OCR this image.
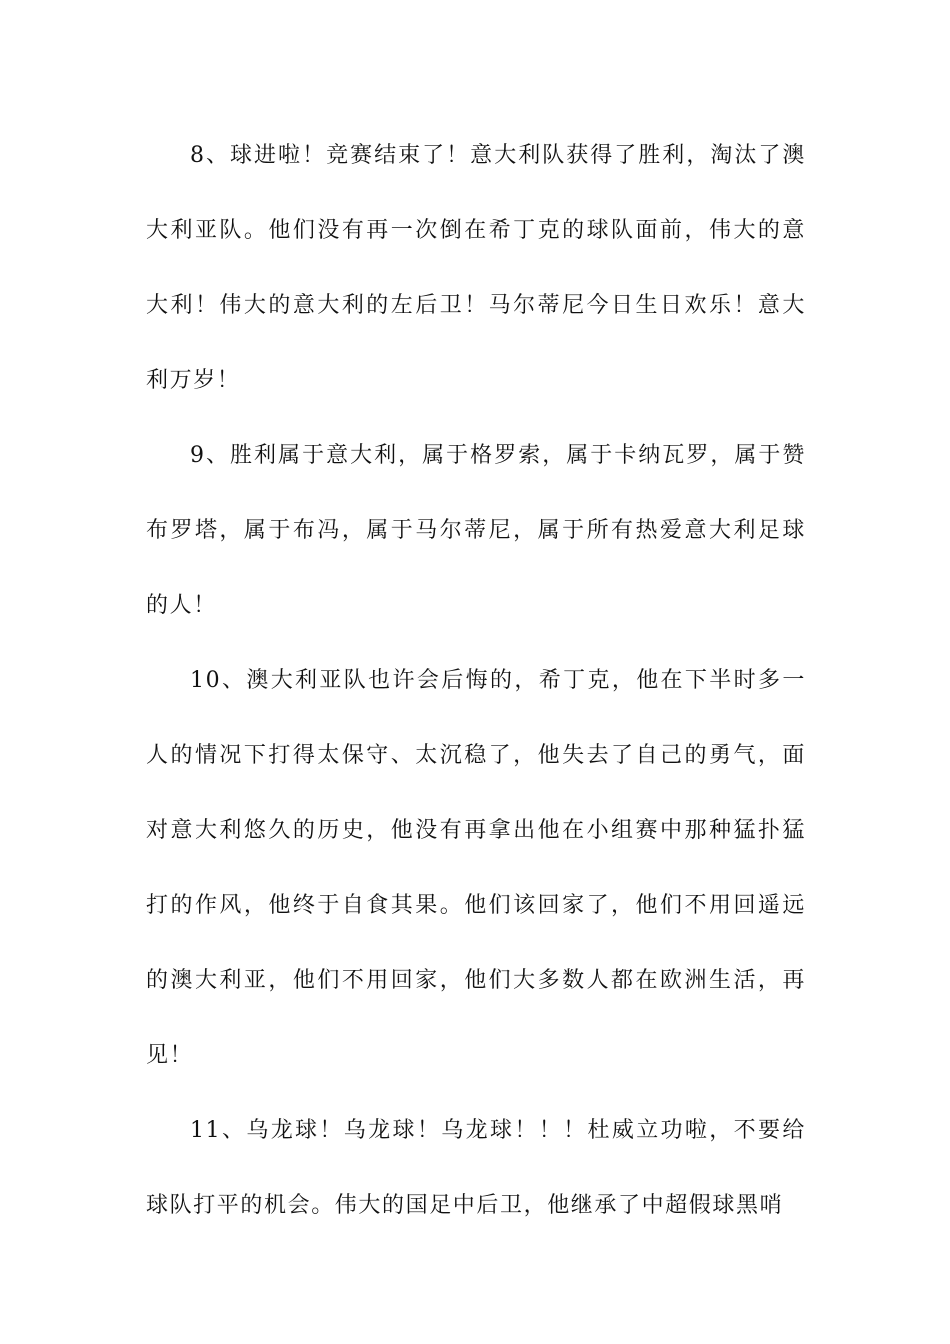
8、球进啦！竞赛结束了！意大利队获得了胜利，淘汰了澳大利亚队。他们没有再一次倒在希丁克的球队面前，伟大的意大利！伟大的意大利的左后卫！马尔蒂尼今日生日欢乐！意大利万岁！

9、胜利属于意大利，属于格罗索，属于卡纳瓦罗，属于赞布罗塔，属于布冯，属于马尔蒂尼，属于所有热爱意大利足球的人！

10、澳大利亚队也许会后悔的，希丁克，他在下半时多一人的情况下打得太保守、太沉稳了，他失去了自己的勇气，面对意大利悠久的历史，他没有再拿出他在小组赛中那种猛扑猛打的作风，他终于自食其果。他们该回家了，他们不用回遥远的澳大利亚，他们不用回家，他们大多数人都在欧洲生活，再见！

11、乌龙球！乌龙球！乌龙球！！！杜威立功啦，不要给球队打平的机会。伟大的国足中后卫，他继承了中超假球黑哨
